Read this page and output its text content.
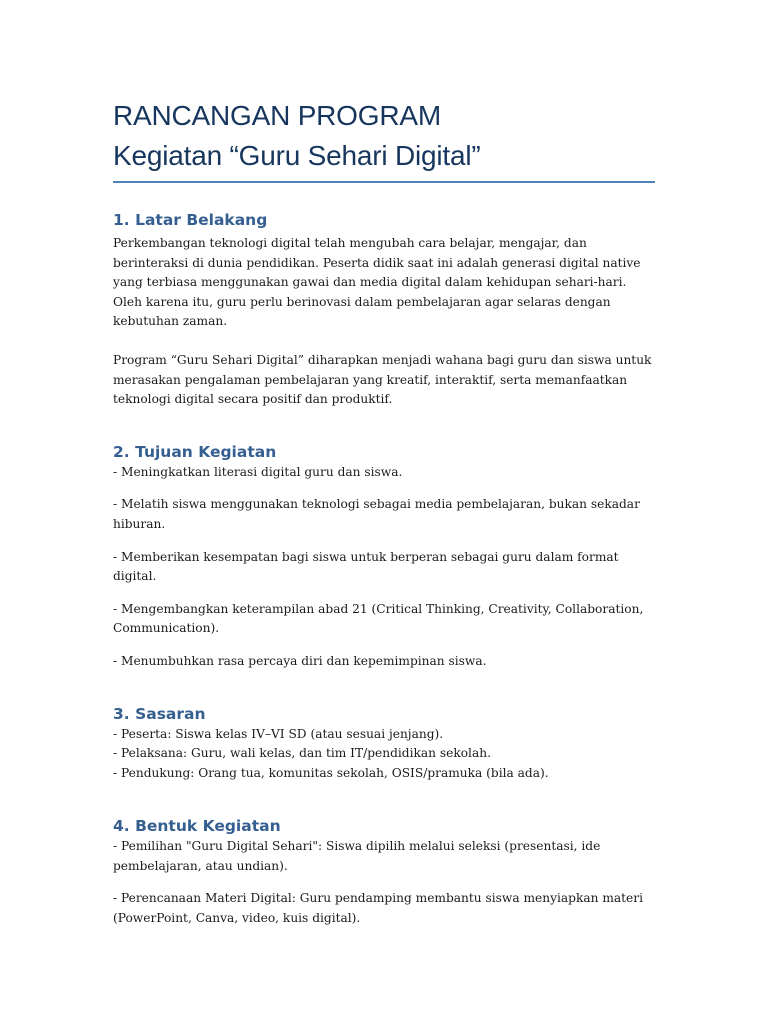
RANCANGAN PROGRAM
Kegiatan “Guru Sehari Digital”
1. Latar Belakang

Perkembangan teknologi digital telah mengubah cara belajar, mengajar, dan berinteraksi di dunia pendidikan. Peserta didik saat ini adalah generasi digital native yang terbiasa menggunakan gawai dan media digital dalam kehidupan sehari-hari. Oleh karena itu, guru perlu berinovasi dalam pembelajaran agar selaras dengan kebutuhan zaman.

Program “Guru Sehari Digital” diharapkan menjadi wahana bagi guru dan siswa untuk merasakan pengalaman pembelajaran yang kreatif, interaktif, serta memanfaatkan teknologi digital secara positif dan produktif.

2. Tujuan Kegiatan

- Meningkatkan literasi digital guru dan siswa.

- Melatih siswa menggunakan teknologi sebagai media pembelajaran, bukan sekadar hiburan.

- Memberikan kesempatan bagi siswa untuk berperan sebagai guru dalam format digital.

- Mengembangkan keterampilan abad 21 (Critical Thinking, Creativity, Collaboration, Communication).

- Menumbuhkan rasa percaya diri dan kepemimpinan siswa.

3. Sasaran

- Peserta: Siswa kelas IV–VI SD (atau sesuai jenjang).

- Pelaksana: Guru, wali kelas, dan tim IT/pendidikan sekolah.

- Pendukung: Orang tua, komunitas sekolah, OSIS/pramuka (bila ada).

4. Bentuk Kegiatan

- Pemilihan "Guru Digital Sehari": Siswa dipilih melalui seleksi (presentasi, ide pembelajaran, atau undian).

- Perencanaan Materi Digital: Guru pendamping membantu siswa menyiapkan materi (PowerPoint, Canva, video, kuis digital).
